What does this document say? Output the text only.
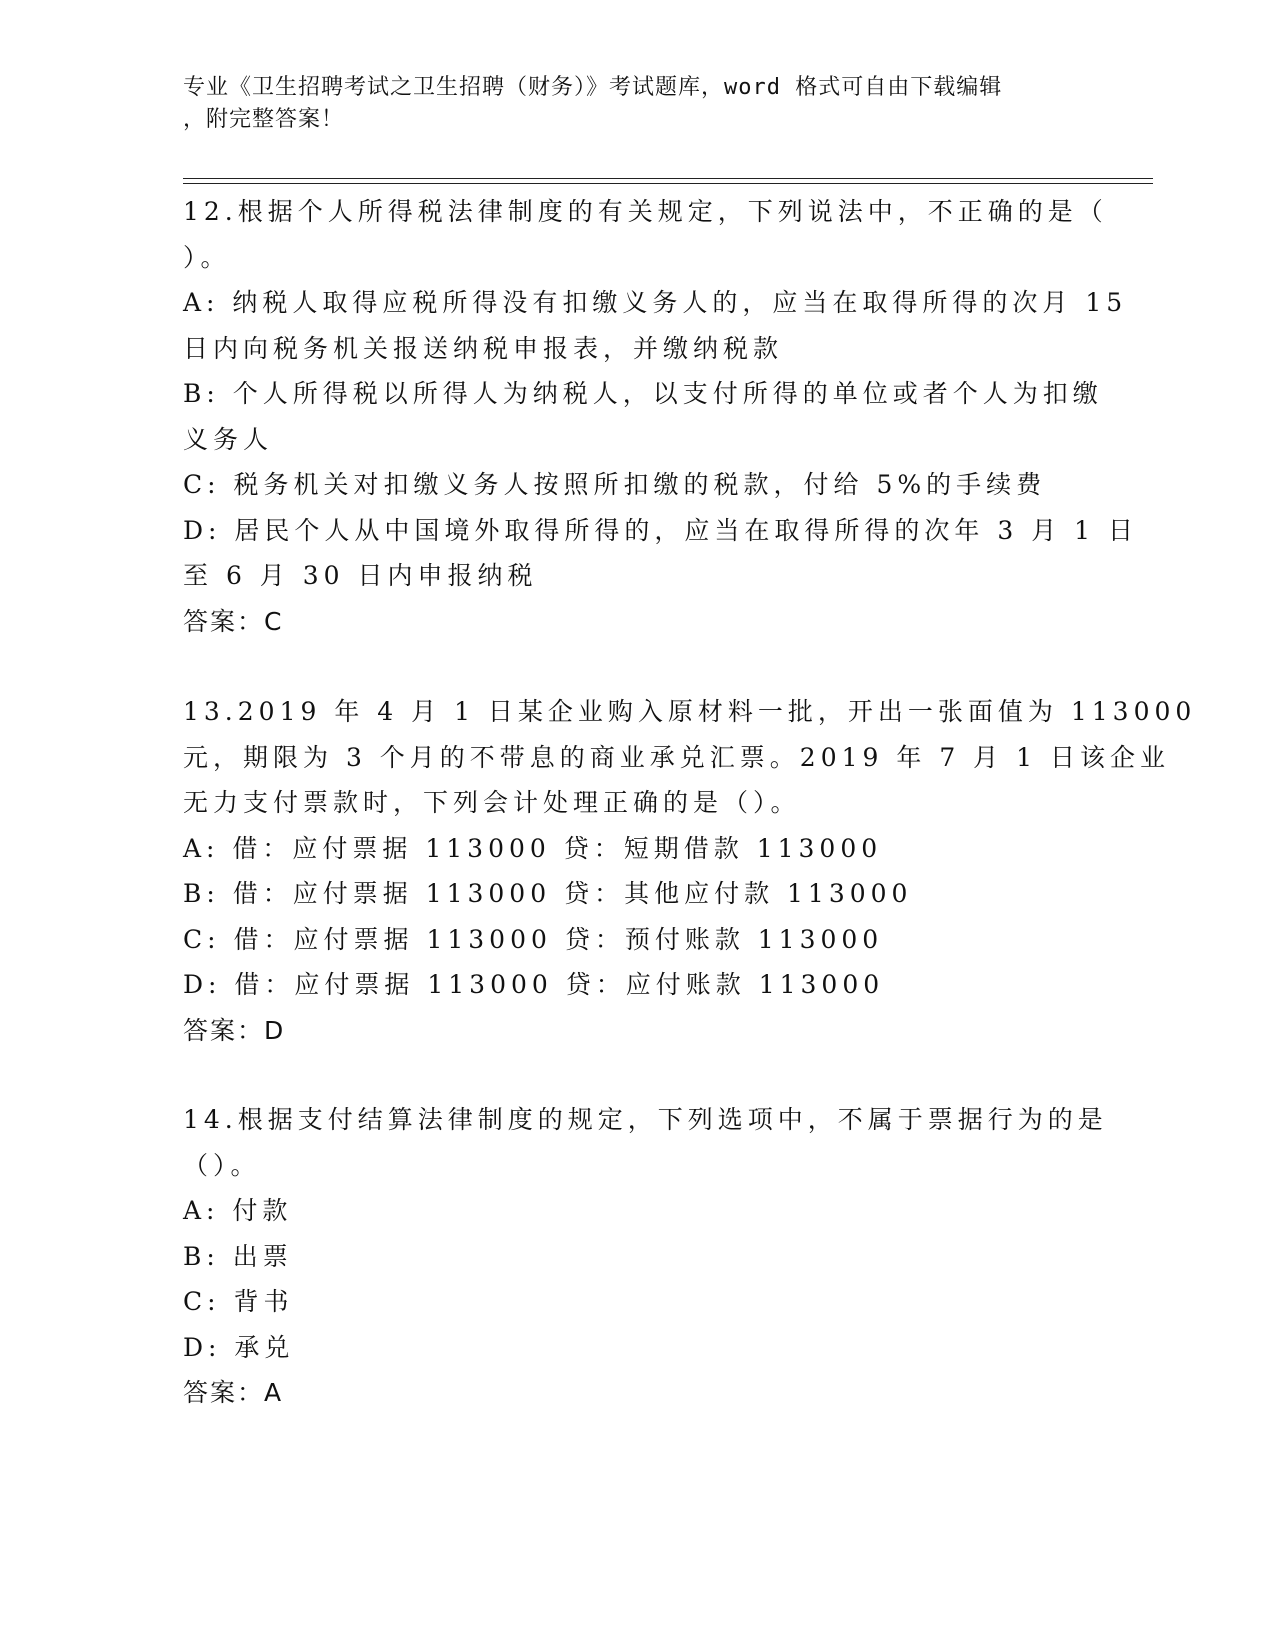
专业《卫生招聘考试之卫生招聘（财务）》考试题库，word 格式可自由下载编辑
，附完整答案！
12.根据个人所得税法律制度的有关规定，下列说法中，不正确的是（
）。
A: 纳税人取得应税所得没有扣缴义务人的，应当在取得所得的次月 15
日内向税务机关报送纳税申报表，并缴纳税款
B: 个人所得税以所得人为纳税人，以支付所得的单位或者个人为扣缴
义务人
C: 税务机关对扣缴义务人按照所扣缴的税款，付给 5%的手续费
D: 居民个人从中国境外取得所得的，应当在取得所得的次年 3 月 1 日
至 6 月 30 日内申报纳税
答案：C
13.2019 年 4 月 1 日某企业购入原材料一批，开出一张面值为 113000
元，期限为 3 个月的不带息的商业承兑汇票。2019 年 7 月 1 日该企业
无力支付票款时，下列会计处理正确的是（）。
A: 借：应付票据 113000 贷：短期借款 113000
B: 借：应付票据 113000 贷：其他应付款 113000
C: 借：应付票据 113000 贷：预付账款 113000
D: 借：应付票据 113000 贷：应付账款 113000
答案：D
14.根据支付结算法律制度的规定，下列选项中，不属于票据行为的是
（）。
A: 付款
B: 出票
C: 背书
D: 承兑
答案：A
